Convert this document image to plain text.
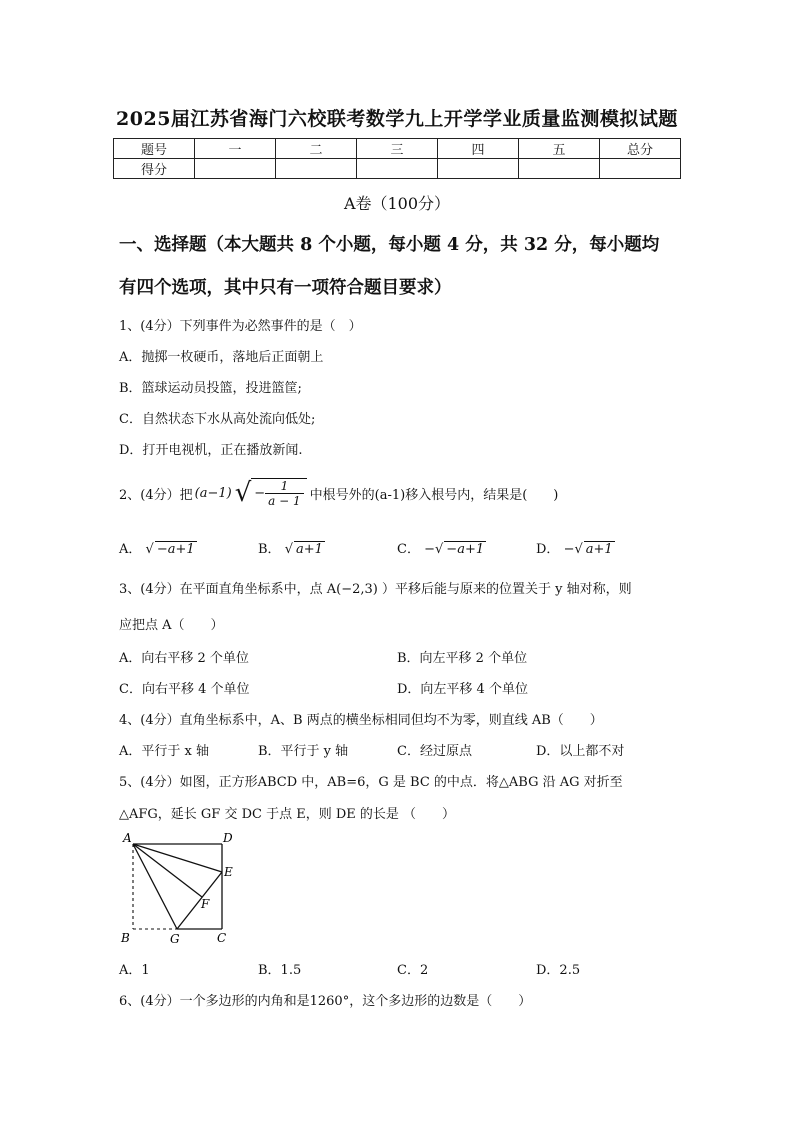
2025届江苏省海门六校联考数学九上开学学业质量监测模拟试题
题号	一	二	三	四	五	总分
得分						
A卷（100分）
一、选择题（本大题共 8 个小题，每小题 4 分，共 32 分，每小题均
有四个选项，其中只有一项符合题目要求）
1、(4分）下列事件为必然事件的是（　）
A．抛掷一枚硬币，落地后正面朝上
B．篮球运动员投篮，投进篮筐;
C．自然状态下水从高处流向低处;
D．打开电视机，正在播放新闻.
2、(4分）把 (a−1) √ − $\frac{1}{a - 1}$ 中根号外的(a-1)移入根号内，结果是(　　)
A． √ −a+1	B． √ a+1	C． −√ −a+1	D． −√ a+1
3、(4分）在平面直角坐标系中，点 A(−2,3) ）平移后能与原来的位置关于 y 轴对称，则
应把点 A（　　）
A．向右平移 2 个单位	B．向左平移 2 个单位
C．向右平移 4 个单位	D．向左平移 4 个单位
4、(4分）直角坐标系中，A、B 两点的横坐标相同但均不为零，则直线 AB（　　）
A．平行于 x 轴	B．平行于 y 轴	C．经过原点	D．以上都不对
5、(4分）如图，正方形ABCD 中，AB=6，G 是 BC 的中点．将△ABG 沿 AG 对折至
△AFG，延长 GF 交 DC 于点 E，则 DE 的长是 （　　）
A	D
E
F
B	G	C
A．1	B．1.5	C．2	D．2.5
6、(4分）一个多边形的内角和是1260°，这个多边形的边数是（　　）
